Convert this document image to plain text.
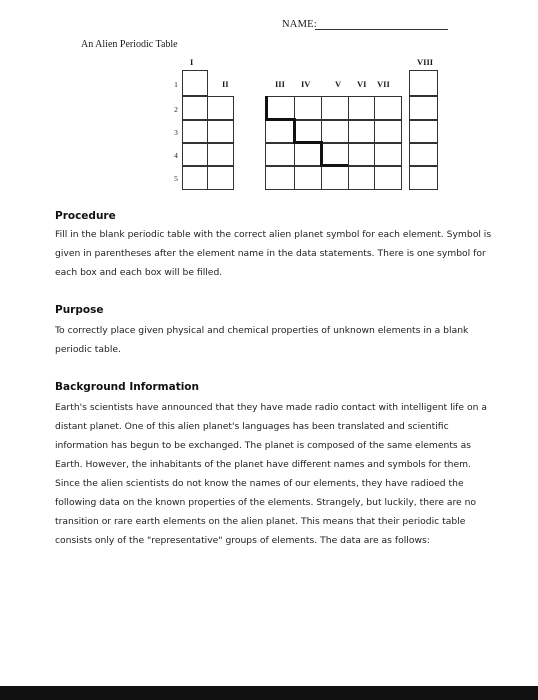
NAME:
An Alien Periodic Table
I
II	III IV	V VI VII
VIII
1
2
3
4
5
Procedure
Fill in the blank periodic table with the correct alien planet symbol for each element. Symbol is given in parentheses after the element name in the data statements. There is one symbol for each box and each box will be filled.
Purpose
To correctly place given physical and chemical properties of unknown elements in a blank periodic table.
Background Information
Earth's scientists have announced that they have made radio contact with intelligent life on a distant planet. One of this alien planet's languages has been translated and scientific information has begun to be exchanged. The planet is composed of the same elements as Earth. However, the inhabitants of the planet have different names and symbols for them. Since the alien scientists do not know the names of our elements, they have radioed the following data on the known properties of the elements. Strangely, but luckily, there are no transition or rare earth elements on the alien planet. This means that their periodic table consists only of the "representative" groups of elements. The data are as follows:
